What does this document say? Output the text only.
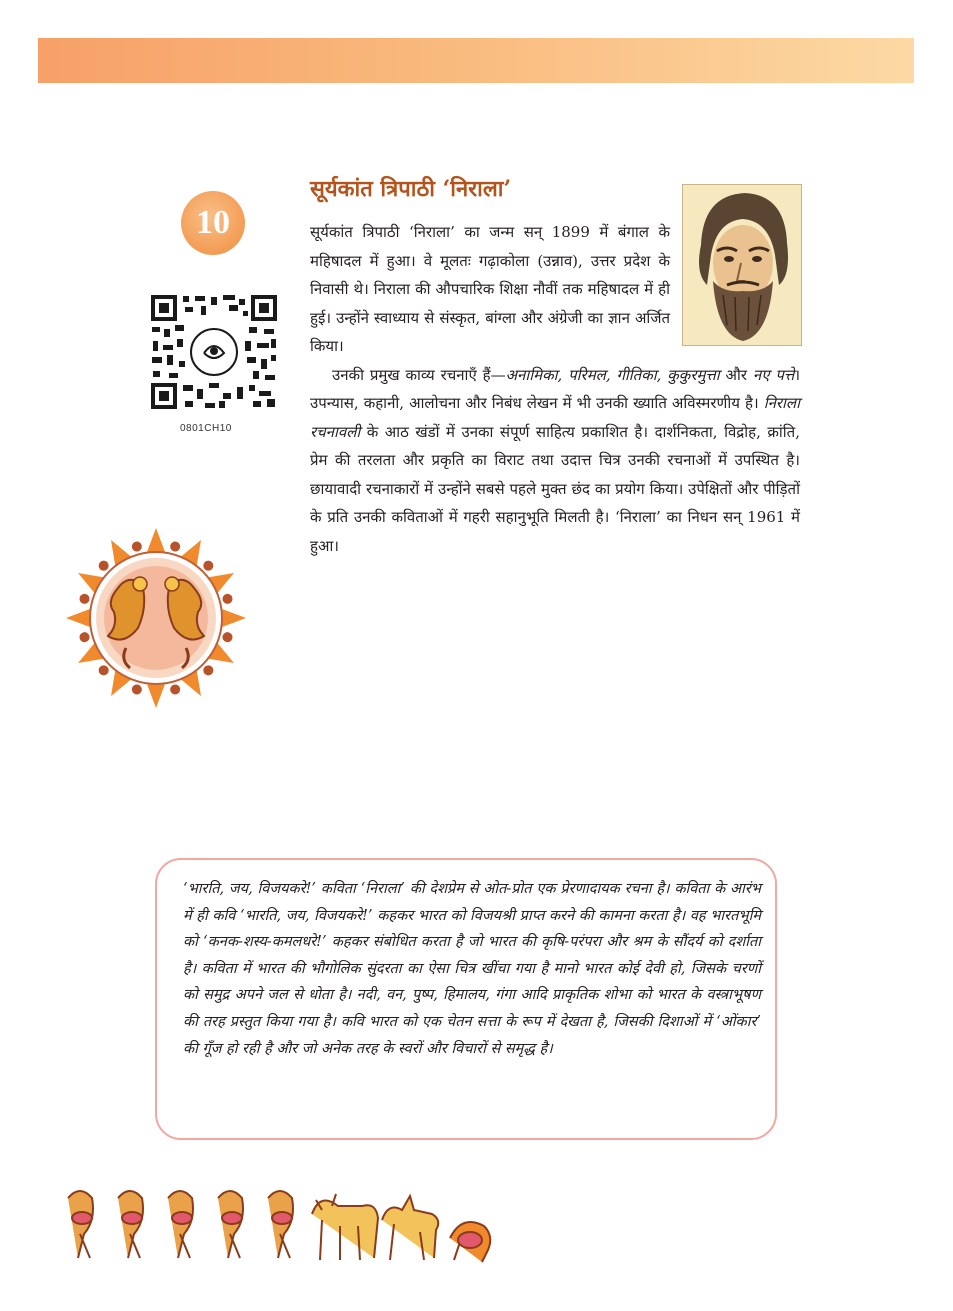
10
0801CH10
सूर्यकांत त्रिपाठी ‘निराला’

सूर्यकांत त्रिपाठी ‘निराला’ का जन्म सन् 1899 में बंगाल के महिषादल में हुआ। वे मूलतः गढ़ाकोला (उन्नाव), उत्तर प्रदेश के निवासी थे। निराला की औपचारिक शिक्षा नौवीं तक महिषादल में ही हुई। उन्होंने स्वाध्याय से संस्कृत, बांग्ला और अंग्रेजी का ज्ञान अर्जित किया।

उनकी प्रमुख काव्य रचनाएँ हैं—अनामिका, परिमल, गीतिका, कुकुरमुत्ता और नए पत्ते। उपन्यास, कहानी, आलोचना और निबंध लेखन में भी उनकी ख्याति अविस्मरणीय है। निराला रचनावली के आठ खंडों में उनका संपूर्ण साहित्य प्रकाशित है। दार्शनिकता, विद्रोह, क्रांति, प्रेम की तरलता और प्रकृति का विराट तथा उदात्त चित्र उनकी रचनाओं में उपस्थित है। छायावादी रचनाकारों में उन्होंने सबसे पहले मुक्त छंद का प्रयोग किया। उपेक्षितों और पीड़ितों के प्रति उनकी कविताओं में गहरी सहानुभूति मिलती है। ‘निराला’ का निधन सन् 1961 में हुआ।

‘भारति, जय, विजयकरे!’ कविता ‘निराला’ की देशप्रेम से ओत-प्रोत एक प्रेरणादायक रचना है। कविता के आरंभ में ही कवि ‘भारति, जय, विजयकरे!’ कहकर भारत को विजयश्री प्राप्त करने की कामना करता है। वह भारतभूमि को ‘कनक-शस्य-कमलधरे!’ कहकर संबोधित करता है जो भारत की कृषि-परंपरा और श्रम के सौंदर्य को दर्शाता है। कविता में भारत की भौगोलिक सुंदरता का ऐसा चित्र खींचा गया है मानो भारत कोई देवी हो, जिसके चरणों को समुद्र अपने जल से धोता है। नदी, वन, पुष्प, हिमालय, गंगा आदि प्राकृतिक शोभा को भारत के वस्त्राभूषण की तरह प्रस्तुत किया गया है। कवि भारत को एक चेतन सत्ता के रूप में देखता है, जिसकी दिशाओं में ‘ओंकार’ की गूँज हो रही है और जो अनेक तरह के स्वरों और विचारों से समृद्ध है।
